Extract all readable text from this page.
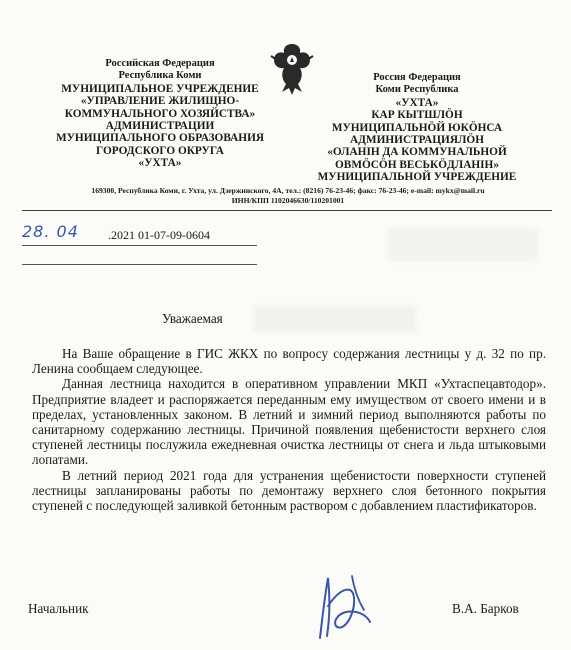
Российская Федерация
Республика Коми
МУНИЦИПАЛЬНОЕ УЧРЕЖДЕНИЕ
«УПРАВЛЕНИЕ ЖИЛИЩНО-
КОММУНАЛЬНОГО ХОЗЯЙСТВА»
АДМИНИСТРАЦИИ
МУНИЦИПАЛЬНОГО ОБРАЗОВАНИЯ
ГОРОДСКОГО ОКРУГА
«УХТА»
Россия Федерация
Коми Республика
«УХТА»
КАР КЫТШЛӦН
МУНИЦИПАЛЬНӦЙ ЮКӦНСА
АДМИНИСТРАЦИЯЛӦН
«ОЛАНIН ДА КОММУНАЛЬНОЙ
ОВМӦСӦН ВЕСЬКӦДЛАНIН»
МУНИЦИПАЛЬНОЙ УЧРЕЖДЕНИЕ
169300, Республика Коми, г. Ухта, ул. Дзержинского, 4А, тел.: (8216) 76-23-46; факс: 76-23-46; e-mail: mykx@mail.ru
ИНН/КПП 1102046630/110201001
28. 04 .2021 01-07-09-0604
Уважаемая

На Ваше обращение в ГИС ЖКХ по вопросу содержания лестницы у д. 32 по пр. Ленина сообщаем следующее.

Данная лестница находится в оперативном управлении МКП «Ухтаспецавтодор». Предприятие владеет и распоряжается переданным ему имуществом от своего имени и в пределах, установленных законом. В летний и зимний период выполняются работы по санитарному содержанию лестницы. Причиной появления щебенистости верхнего слоя ступеней лестницы послужила ежедневная очистка лестницы от снега и льда штыковыми лопатами.

В летний период 2021 года для устранения щебенистости поверхности ступеней лестницы запланированы работы по демонтажу верхнего слоя бетонного покрытия ступеней с последующей заливкой бетонным раствором с добавлением пластификаторов.

Начальник	В.А. Барков
